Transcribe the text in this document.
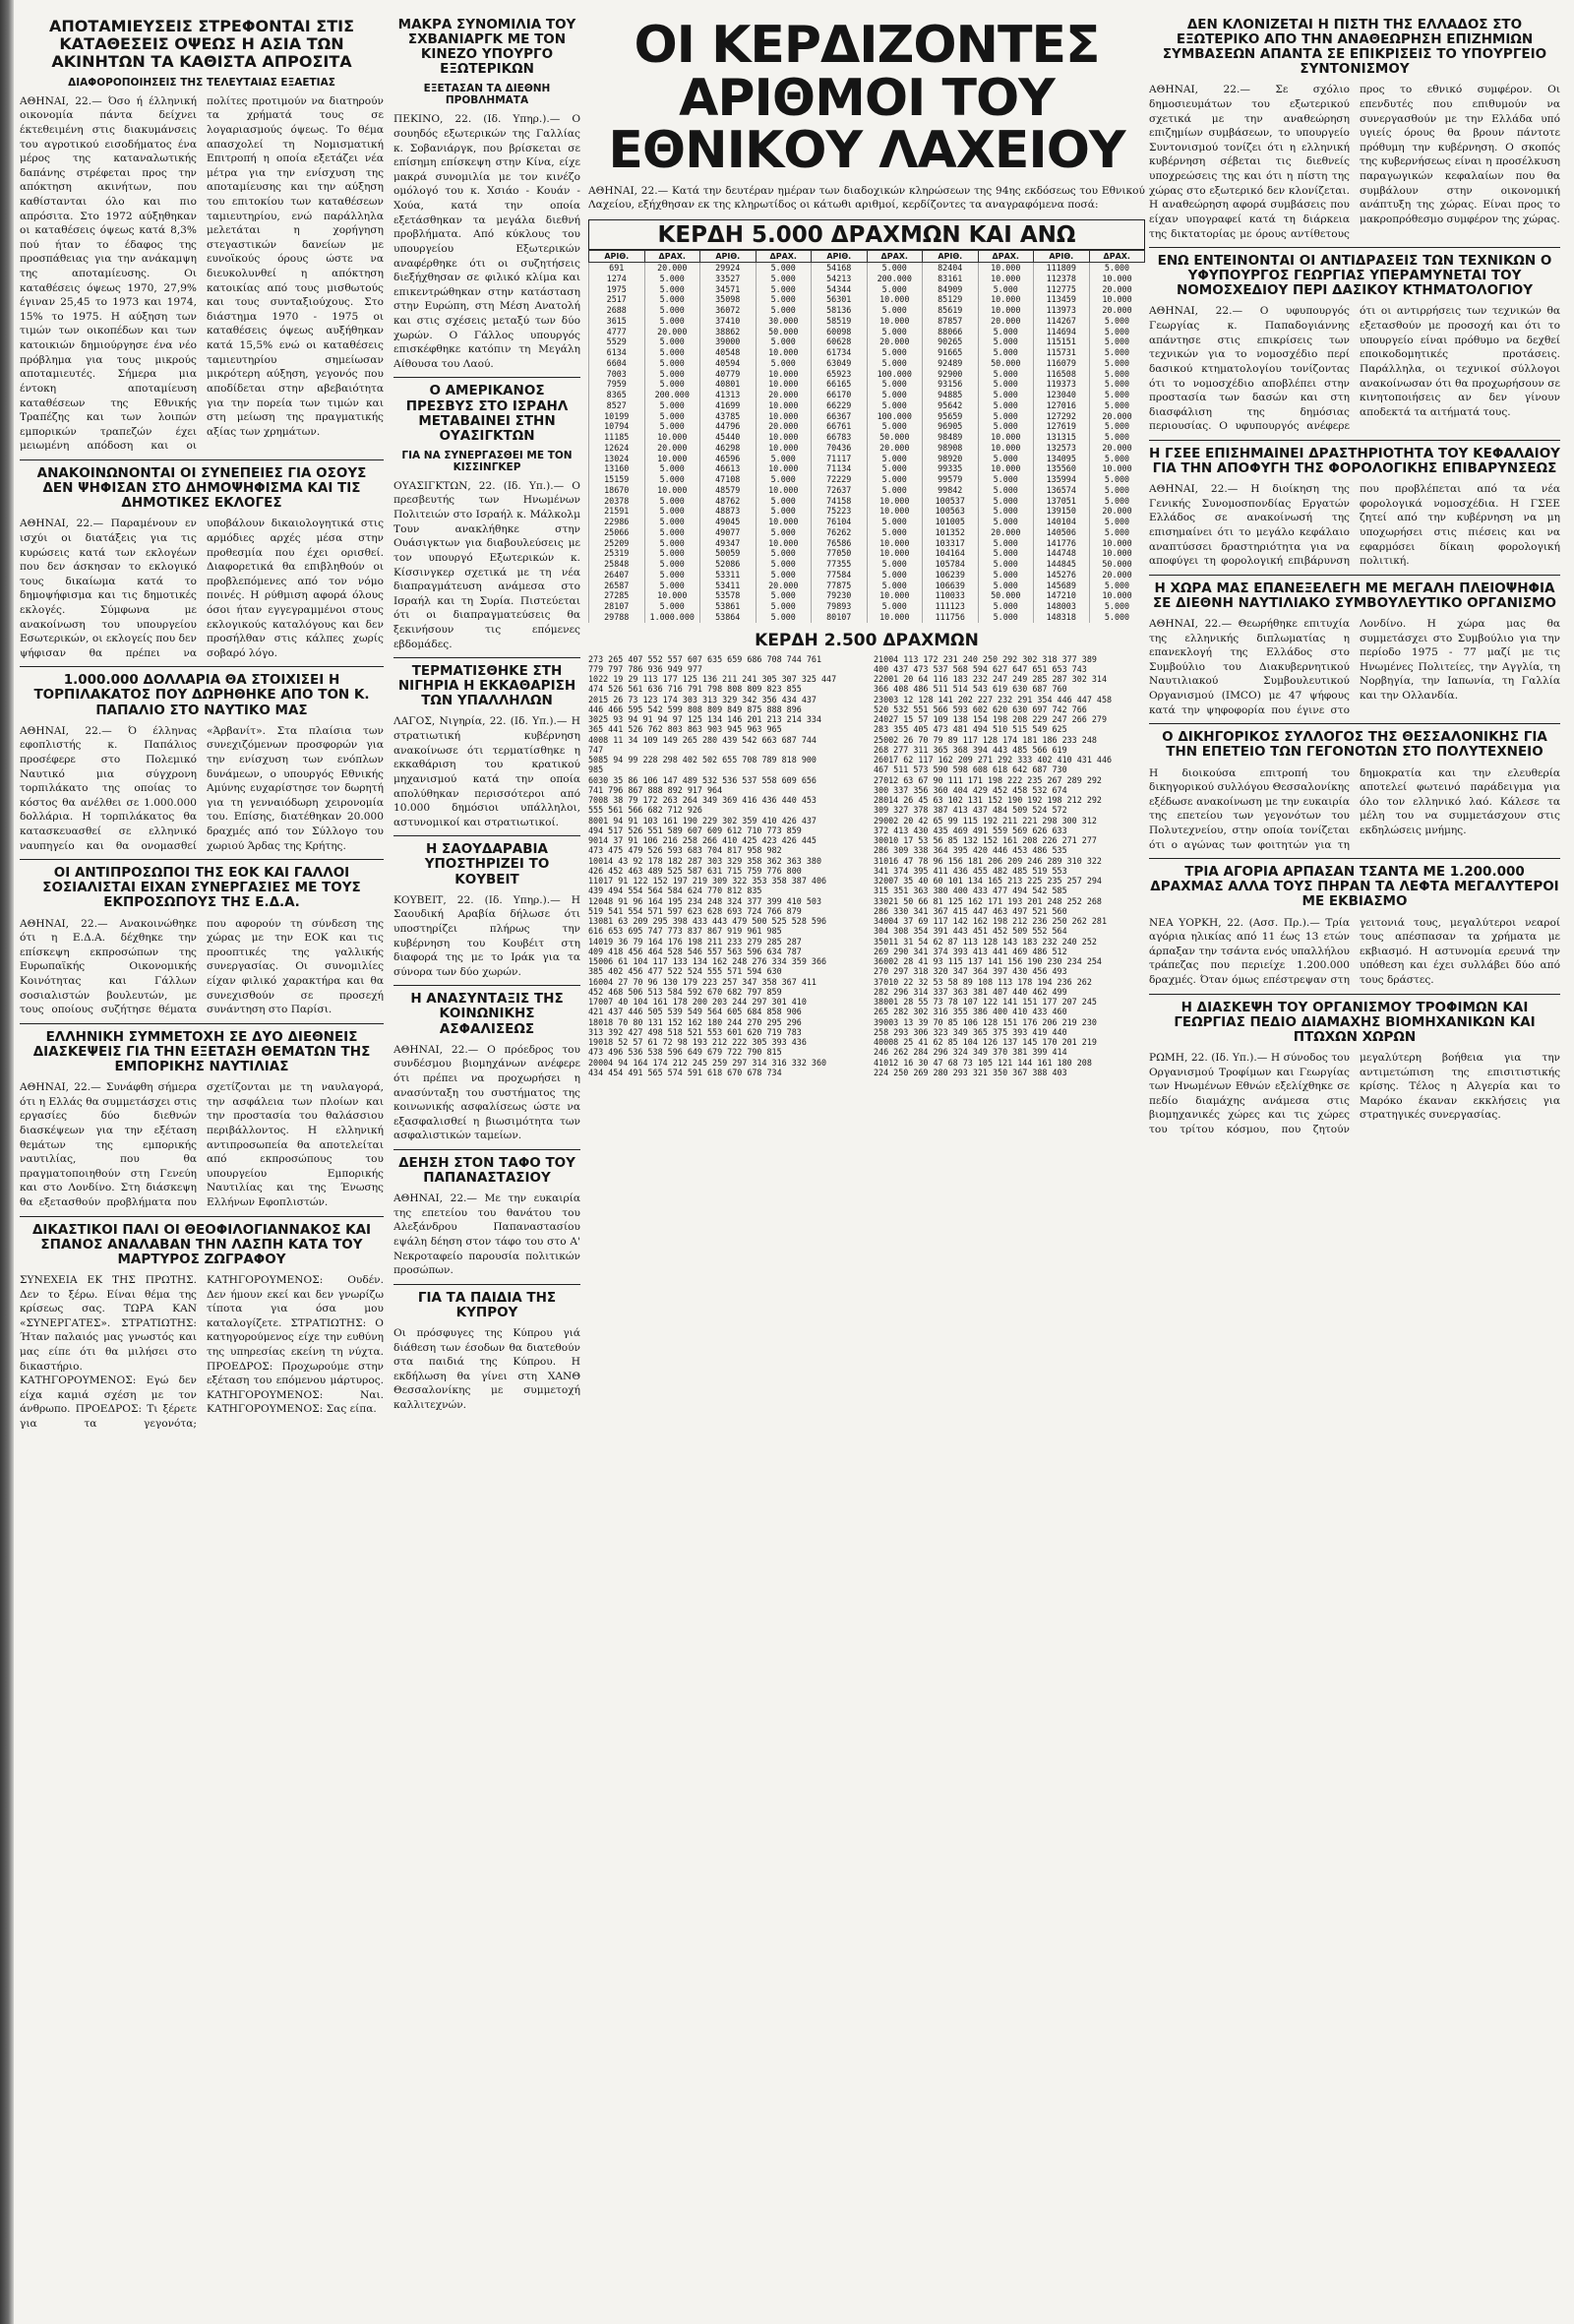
ΑΠΟΤΑΜΙΕΥΣΕΙΣ ΣΤΡΕΦΟΝΤΑΙ ΣΤΙΣ ΚΑΤΑΘΕΣΕΙΣ ΟΨΕΩΣ Η ΑΣΙΑ ΤΩΝ ΑΚΙΝΗΤΩΝ ΤΑ ΚΑΘΙΣΤΑ ΑΠΡΟΣΙΤΑ
ΔΙΑΦΟΡΟΠΟΙΗΣΕΙΣ ΤΗΣ ΤΕΛΕΥΤΑΙΑΣ ΕΞΑΕΤΙΑΣ
ΑΘΗΝΑΙ, 22.— Όσο ή έλληνική οικονομία πάντα δείχνει έκτεθειμένη στις διακυμάνσεις του αγροτικού εισοδήματος ένα μέρος της καταναλωτικής δαπάνης στρέφεται προς την απόκτηση ακινήτων, που καθίστανται όλο και πιο απρόσιτα. Στο 1972 αύξηθηκαν οι καταθέσεις όψεως κατά 8,3% πού ήταν το έδαφος της προσπάθειας για την ανάκαμψη της αποταμίευσης. Οι καταθέσεις όψεως 1970, 27,9% έγιναν 25,45 το 1973 και 1974, 15% το 1975. Η αύξηση των τιμών των οικοπέδων και των κατοικιών δημιούργησε ένα νέο πρόβλημα για τους μικρούς αποταμιευτές. Σήμερα μια έντοκη αποταμίευση καταθέσεων της Εθνικής Τραπέζης και των λοιπών εμπορικών τραπεζών έχει μειωμένη απόδοση και οι πολίτες προτιμούν να διατηρούν τα χρήματά τους σε λογαριασμούς όψεως. Το θέμα απασχολεί τη Νομισματική Επιτροπή η οποία εξετάζει νέα μέτρα για την ενίσχυση της αποταμίευσης και την αύξηση του επιτοκίου των καταθέσεων ταμιευτηρίου, ενώ παράλληλα μελετάται η χορήγηση στεγαστικών δανείων με ευνοϊκούς όρους ώστε να διευκολυνθεί η απόκτηση κατοικίας από τους μισθωτούς και τους συνταξιούχους. Στο διάστημα 1970 - 1975 οι καταθέσεις όψεως αυξήθηκαν κατά 15,5% ενώ οι καταθέσεις ταμιευτηρίου σημείωσαν μικρότερη αύξηση, γεγονός που αποδίδεται στην αβεβαιότητα για την πορεία των τιμών και στη μείωση της πραγματικής αξίας των χρημάτων.
ΑΝΑΚΟΙΝΩΝΟΝΤΑΙ ΟΙ ΣΥΝΕΠΕΙΕΣ ΓΙΑ ΟΣΟΥΣ ΔΕΝ ΨΗΦΙΣΑΝ ΣΤΟ ΔΗΜΟΨΗΦΙΣΜΑ ΚΑΙ ΤΙΣ ΔΗΜΟΤΙΚΕΣ ΕΚΛΟΓΕΣ
ΑΘΗΝΑΙ, 22.— Παραμένουν εν ισχύι οι διατάξεις για τις κυρώσεις κατά των εκλογέων που δεν άσκησαν το εκλογικό τους δικαίωμα κατά το δημοψήφισμα και τις δημοτικές εκλογές. Σύμφωνα με ανακοίνωση του υπουργείου Εσωτερικών, οι εκλογείς που δεν ψήφισαν θα πρέπει να υποβάλουν δικαιολογητικά στις αρμόδιες αρχές μέσα στην προθεσμία που έχει ορισθεί. Διαφορετικά θα επιβληθούν οι προβλεπόμενες από τον νόμο ποινές. Η ρύθμιση αφορά όλους όσοι ήταν εγγεγραμμένοι στους εκλογικούς καταλόγους και δεν προσήλθαν στις κάλπες χωρίς σοβαρό λόγο.
1.000.000 ΔΟΛΛΑΡΙΑ ΘΑ ΣΤΟΙΧΙΣΕΙ Η ΤΟΡΠΙΛΑΚΑΤΟΣ ΠΟΥ ΔΩΡΗΘΗΚΕ ΑΠΟ ΤΟΝ Κ. ΠΑΠΑΛΙΟ ΣΤΟ ΝΑΥΤΙΚΟ ΜΑΣ
ΑΘΗΝΑΙ, 22.— Ό έλληνας εφοπλιστής κ. Παπάλιος προσέφερε στο Πολεμικό Ναυτικό μια σύγχρονη τορπιλάκατο της οποίας το κόστος θα ανέλθει σε 1.000.000 δολλάρια. Η τορπιλάκατος θα κατασκευασθεί σε ελληνικό ναυπηγείο και θα ονομασθεί «Άρβανίτ». Στα πλαίσια των συνεχιζόμενων προσφορών για την ενίσχυση των ενόπλων δυνάμεων, ο υπουργός Εθνικής Αμύνης ευχαρίστησε τον δωρητή για τη γενναιόδωρη χειρονομία του. Επίσης, διατέθηκαν 20.000 δραχμές από τον Σύλλογο του χωριού Άρδας της Κρήτης.
ΟΙ ΑΝΤΙΠΡΟΣΩΠΟΙ ΤΗΣ ΕΟΚ ΚΑΙ ΓΑΛΛΟΙ ΣΟΣΙΑΛΙΣΤΑΙ ΕΙΧΑΝ ΣΥΝΕΡΓΑΣΙΕΣ ΜΕ ΤΟΥΣ ΕΚΠΡΟΣΩΠΟΥΣ ΤΗΣ Ε.Δ.Α.
ΑΘΗΝΑΙ, 22.— Ανακοινώθηκε ότι η Ε.Δ.Α. δέχθηκε την επίσκεψη εκπροσώπων της Ευρωπαϊκής Οικονομικής Κοινότητας και Γάλλων σοσιαλιστών βουλευτών, με τους οποίους συζήτησε θέματα που αφορούν τη σύνδεση της χώρας με την ΕΟΚ και τις προοπτικές της γαλλικής συνεργασίας. Οι συνομιλίες είχαν φιλικό χαρακτήρα και θα συνεχισθούν σε προσεχή συνάντηση στο Παρίσι.
ΕΛΛΗΝΙΚΗ ΣΥΜΜΕΤΟΧΗ ΣΕ ΔΥΟ ΔΙΕΘΝΕΙΣ ΔΙΑΣΚΕΨΕΙΣ ΓΙΑ ΤΗΝ ΕΞΕΤΑΣΗ ΘΕΜΑΤΩΝ ΤΗΣ ΕΜΠΟΡΙΚΗΣ ΝΑΥΤΙΛΙΑΣ
ΑΘΗΝΑΙ, 22.— Συνάφθη σήμερα ότι η Ελλάς θα συμμετάσχει στις εργασίες δύο διεθνών διασκέψεων για την εξέταση θεμάτων της εμπορικής ναυτιλίας, που θα πραγματοποιηθούν στη Γενεύη και στο Λονδίνο. Στη διάσκεψη θα εξετασθούν προβλήματα που σχετίζονται με τη ναυλαγορά, την ασφάλεια των πλοίων και την προστασία του θαλάσσιου περιβάλλοντος. Η ελληνική αντιπροσωπεία θα αποτελείται από εκπροσώπους του υπουργείου Εμπορικής Ναυτιλίας και της Ένωσης Ελλήνων Εφοπλιστών.
ΔΙΚΑΣΤΙΚΟΙ ΠΑΛΙ ΟΙ ΘΕΟΦΙΛΟΓΙΑΝΝΑΚΟΣ ΚΑΙ ΣΠΑΝΟΣ ΑΝΑΛΑΒΑΝ ΤΗΝ ΛΑΣΠΗ ΚΑΤΑ ΤΟΥ ΜΑΡΤΥΡΟΣ ΖΩΓΡΑΦΟΥ
ΣΥΝΕΧΕΙΑ ΕΚ ΤΗΣ ΠΡΩΤΗΣ. Δεν το ξέρω. Είναι θέμα της κρίσεως σας. ΤΩΡΑ ΚΑΝ «ΣΥΝΕΡΓΑΤΕΣ». ΣΤΡΑΤΙΩΤΗΣ: Ήταν παλαιός μας γνωστός και μας είπε ότι θα μιλήσει στο δικαστήριο. ΚΑΤΗΓΟΡΟΥΜΕΝΟΣ: Εγώ δεν είχα καμιά σχέση με τον άνθρωπο. ΠΡΟΕΔΡΟΣ: Τι ξέρετε για τα γεγονότα; ΚΑΤΗΓΟΡΟΥΜΕΝΟΣ: Ουδέν. Δεν ήμουν εκεί και δεν γνωρίζω τίποτα για όσα μου καταλογίζετε. ΣΤΡΑΤΙΩΤΗΣ: Ο κατηγορούμενος είχε την ευθύνη της υπηρεσίας εκείνη τη νύχτα. ΠΡΟΕΔΡΟΣ: Προχωρούμε στην εξέταση του επόμενου μάρτυρος. ΚΑΤΗΓΟΡΟΥΜΕΝΟΣ: Ναι. ΚΑΤΗΓΟΡΟΥΜΕΝΟΣ: Σας είπα.
ΜΑΚΡΑ ΣΥΝΟΜΙΛΙΑ ΤΟΥ ΣΧΒΑΝΙΑΡΓΚ ΜΕ ΤΟΝ ΚΙΝΕΖΟ ΥΠΟΥΡΓΟ ΕΞΩΤΕΡΙΚΩΝ
ΕΞΕΤΑΣΑΝ ΤΑ ΔΙΕΘΝΗ ΠΡΟΒΛΗΜΑΤΑ
ΠΕΚΙΝΟ, 22. (Ιδ. Υπηρ.).— Ο σουηδός εξωτερικών της Γαλλίας κ. Σοβανιάργκ, που βρίσκεται σε επίσημη επίσκεψη στην Κίνα, είχε μακρά συνομιλία με τον κινέζο ομόλογό του κ. Χσιάο - Κουάν - Χούα, κατά την οποία εξετάσθηκαν τα μεγάλα διεθνή προβλήματα. Από κύκλους του υπουργείου Εξωτερικών αναφέρθηκε ότι οι συζητήσεις διεξήχθησαν σε φιλικό κλίμα και επικεντρώθηκαν στην κατάσταση στην Ευρώπη, στη Μέση Ανατολή και στις σχέσεις μεταξύ των δύο χωρών. Ο Γάλλος υπουργός επισκέφθηκε κατόπιν τη Μεγάλη Αίθουσα του Λαού.
Ο ΑΜΕΡΙΚΑΝΟΣ ΠΡΕΣΒΥΣ ΣΤΟ ΙΣΡΑΗΛ ΜΕΤΑΒΑΙΝΕΙ ΣΤΗΝ ΟΥΑΣΙΓΚΤΩΝ
ΓΙΑ ΝΑ ΣΥΝΕΡΓΑΣΘΕΙ ΜΕ ΤΟΝ ΚΙΣΣΙΝΓΚΕΡ
ΟΥΑΣΙΓΚΤΩΝ, 22. (Ιδ. Υπ.).— Ο πρεσβευτής των Ηνωμένων Πολιτειών στο Ισραήλ κ. Μάλκολμ Τουν ανακλήθηκε στην Ουάσιγκτων για διαβουλεύσεις με τον υπουργό Εξωτερικών κ. Κίσσινγκερ σχετικά με τη νέα διαπραγμάτευση ανάμεσα στο Ισραήλ και τη Συρία. Πιστεύεται ότι οι διαπραγματεύσεις θα ξεκινήσουν τις επόμενες εβδομάδες.
ΤΕΡΜΑΤΙΣΘΗΚΕ ΣΤΗ ΝΙΓΗΡΙΑ Η ΕΚΚΑΘΑΡΙΣΗ ΤΩΝ ΥΠΑΛΛΗΛΩΝ
ΛΑΓΟΣ, Νιγηρία, 22. (Ιδ. Υπ.).— Η στρατιωτική κυβέρνηση ανακοίνωσε ότι τερματίσθηκε η εκκαθάριση του κρατικού μηχανισμού κατά την οποία απολύθηκαν περισσότεροι από 10.000 δημόσιοι υπάλληλοι, αστυνομικοί και στρατιωτικοί.
Η ΣΑΟΥΔΑΡΑΒΙΑ ΥΠΟΣΤΗΡΙΖΕΙ ΤΟ ΚΟΥΒΕΙΤ
ΚΟΥΒΕΙΤ, 22. (Ιδ. Υπηρ.).— Η Σαουδική Αραβία δήλωσε ότι υποστηρίζει πλήρως την κυβέρνηση του Κουβέιτ στη διαφορά της με το Ιράκ για τα σύνορα των δύο χωρών.
Η ΑΝΑΣΥΝΤΑΞΙΣ ΤΗΣ ΚΟΙΝΩΝΙΚΗΣ ΑΣΦΑΛΙΣΕΩΣ
ΑΘΗΝΑΙ, 22.— Ο πρόεδρος του συνδέσμου βιομηχάνων ανέφερε ότι πρέπει να προχωρήσει η ανασύνταξη του συστήματος της κοινωνικής ασφαλίσεως ώστε να εξασφαλισθεί η βιωσιμότητα των ασφαλιστικών ταμείων.
ΔΕΗΣΗ ΣΤΟΝ ΤΑΦΟ ΤΟΥ ΠΑΠΑΝΑΣΤΑΣΙΟΥ
ΑΘΗΝΑΙ, 22.— Με την ευκαιρία της επετείου του θανάτου του Αλεξάνδρου Παπαναστασίου εψάλη δέηση στον τάφο του στο Α' Νεκροταφείο παρουσία πολιτικών προσώπων.
ΓΙΑ ΤΑ ΠΑΙΔΙΑ ΤΗΣ ΚΥΠΡΟΥ
Οι πρόσφυγες της Κύπρου γιά διάθεση των έσοδων θα διατεθούν στα παιδιά της Κύπρου. Η εκδήλωση θα γίνει στη ΧΑΝΘ Θεσσαλονίκης με συμμετοχή καλλιτεχνών.
ΟΙ ΚΕΡΔΙΖΟΝΤΕΣ ΑΡΙΘΜΟΙ ΤΟΥ ΕΘΝΙΚΟΥ ΛΑΧΕΙΟΥ
ΑΘΗΝΑΙ, 22.— Κατά την δευτέραν ημέραν των διαδοχικών κληρώσεων της 94ης εκδόσεως του Εθνικού Λαχείου, εξήχθησαν εκ της κληρωτίδος οι κάτωθι αριθμοί, κερδίζοντες τα αναγραφόμενα ποσά:
ΚΕΡΔΗ 5.000 ΔΡΑΧΜΩΝ ΚΑΙ ΑΝΩ
ΑΡΙΘ.	ΔΡΑΧ.	ΑΡΙΘ.	ΔΡΑΧ.	ΑΡΙΘ.	ΔΡΑΧ.	ΑΡΙΘ.	ΔΡΑΧ.	ΑΡΙΘ.	ΔΡΑΧ.
691	20.000	29924	5.000	54168	5.000	82404	10.000	111809	5.000
1274	5.000	33527	5.000	54213	200.000	83161	10.000	112378	10.000
1975	5.000	34571	5.000	54344	5.000	84909	5.000	112775	20.000
2517	5.000	35098	5.000	56301	10.000	85129	10.000	113459	10.000
2688	5.000	36072	5.000	58136	5.000	85619	10.000	113973	20.000
3615	5.000	37410	30.000	58519	10.000	87857	20.000	114267	5.000
4777	20.000	38862	50.000	60098	5.000	88066	5.000	114694	5.000
5529	5.000	39000	5.000	60628	20.000	90265	5.000	115151	5.000
6134	5.000	40548	10.000	61734	5.000	91665	5.000	115731	5.000
6604	5.000	40594	5.000	63049	5.000	92489	50.000	116079	5.000
7003	5.000	40779	10.000	65923	100.000	92900	5.000	116508	5.000
7959	5.000	40801	10.000	66165	5.000	93156	5.000	119373	5.000
8365	200.000	41313	20.000	66170	5.000	94885	5.000	123040	5.000
8527	5.000	41699	10.000	66229	5.000	95642	5.000	127016	5.000
10199	5.000	43785	10.000	66367	100.000	95659	5.000	127292	20.000
10794	5.000	44796	20.000	66761	5.000	96905	5.000	127619	5.000
11185	10.000	45440	10.000	66783	50.000	98489	10.000	131315	5.000
12624	20.000	46298	10.000	70436	20.000	98908	10.000	132573	20.000
13024	10.000	46596	5.000	71117	5.000	98920	5.000	134095	5.000
13160	5.000	46613	10.000	71134	5.000	99335	10.000	135560	10.000
15159	5.000	47108	5.000	72229	5.000	99579	5.000	135994	5.000
18670	10.000	48579	10.000	72637	5.000	99842	5.000	136574	5.000
20378	5.000	48762	5.000	74158	10.000	100537	5.000	137051	5.000
21591	5.000	48873	5.000	75223	10.000	100563	5.000	139150	20.000
22986	5.000	49045	10.000	76104	5.000	101005	5.000	140104	5.000
25066	5.000	49077	5.000	76262	5.000	101352	20.000	140506	5.000
25209	5.000	49347	10.000	76586	10.000	103317	5.000	141776	10.000
25319	5.000	50059	5.000	77050	10.000	104164	5.000	144748	10.000
25848	5.000	52086	5.000	77355	5.000	105784	5.000	144845	50.000
26407	5.000	53311	5.000	77584	5.000	106239	5.000	145276	20.000
26587	5.000	53411	20.000	77875	5.000	106639	5.000	145689	5.000
27285	10.000	53578	5.000	79230	10.000	110033	50.000	147210	10.000
28107	5.000	53861	5.000	79893	5.000	111123	5.000	148003	5.000
29788	1.000.000	53864	5.000	80107	10.000	111756	5.000	148318	5.000
ΚΕΡΔΗ 2.500 ΔΡΑΧΜΩΝ
273 265 407 552 557 607 635 659 686 708 744 761
779 797 786 936 949 977
1022 19 29 113 177 125 136 211 241 305 307 325 447
474 526 561 636 716 791 798 808 809 823 855
2015 26 73 123 174 303 313 329 342 356 434 437
446 466 595 542 599 808 809 849 875 888 896
3025 93 94 91 94 97 125 134 146 201 213 214 334
365 441 526 762 803 863 903 945 963 965
4008 11 34 109 149 265 280 439 542 663 687 744
747
5085 94 99 228 298 402 502 655 708 789 818 900
985
6030 35 86 106 147 489 532 536 537 558 609 656
741 796 867 888 892 917 964
7008 38 79 172 263 264 349 369 416 436 440 453
555 561 566 682 712 926
8001 94 91 103 161 190 229 302 359 410 426 437
494 517 526 551 589 607 609 612 710 773 859
9014 37 91 106 216 258 266 410 425 423 426 445
473 475 479 526 593 683 704 817 958 982
10014 43 92 178 182 287 303 329 358 362 363 380
426 452 463 489 525 587 631 715 759 776 800
11017 91 122 152 197 219 309 322 353 358 387 406
439 494 554 564 584 624 770 812 835
12048 91 96 164 195 234 248 324 377 399 410 503
519 541 554 571 597 623 628 693 724 766 879
13081 63 209 295 398 433 443 479 500 525 528 596
616 653 695 747 773 837 867 919 961 985
14019 36 79 164 176 198 211 233 279 285 287
409 418 456 464 528 546 557 563 596 634 787
15006 61 104 117 133 134 162 248 276 334 359 366
385 402 456 477 522 524 555 571 594 630
16004 27 70 96 130 179 223 257 347 358 367 411
452 468 506 513 584 592 670 682 797 859
17007 40 104 161 178 200 203 244 297 301 410
421 437 446 505 539 549 564 605 684 858 906
18018 70 80 131 152 162 180 244 270 295 296
313 392 427 498 518 521 553 601 620 719 783
19018 52 57 61 72 98 193 212 222 305 393 436
473 496 536 538 596 649 679 722 790 815
20004 94 164 174 212 245 259 297 314 316 332 360
434 454 491 565 574 591 618 670 678 734
21004 113 172 231 240 250 292 302 318 377 389
400 437 473 537 568 594 627 647 651 653 743
22001 20 64 116 183 232 247 249 285 287 302 314
366 408 486 511 514 543 619 630 687 760
23003 12 128 141 202 227 232 291 354 446 447 458
520 532 551 566 593 602 620 630 697 742 766
24027 15 57 109 138 154 198 208 229 247 266 279
283 355 405 473 481 494 510 515 549 625
25002 26 70 79 89 117 128 174 181 186 233 248
268 277 311 365 368 394 443 485 566 619
26017 62 117 162 209 271 292 333 402 410 431 446
467 511 573 590 598 608 618 642 687 730
27012 63 67 90 111 171 198 222 235 267 289 292
300 337 356 360 404 429 452 458 532 674
28014 26 45 63 102 131 152 190 192 198 212 292
309 327 378 387 413 437 484 509 524 572
29002 20 42 65 99 115 192 211 221 298 300 312
372 413 430 435 469 491 559 569 626 633
30010 17 53 56 85 132 152 161 208 226 271 277
286 309 338 364 395 420 446 453 486 535
31016 47 78 96 156 181 206 209 246 289 310 322
341 374 395 411 436 455 482 485 519 553
32007 35 40 60 101 134 165 213 225 235 257 294
315 351 363 380 400 433 477 494 542 585
33021 50 66 81 125 162 171 193 201 248 252 268
286 330 341 367 415 447 463 497 521 560
34004 37 69 117 142 162 198 212 236 250 262 281
304 308 354 391 443 451 452 509 552 564
35011 31 54 62 87 113 128 143 183 232 240 252
269 290 341 374 393 413 441 469 486 512
36002 28 41 93 115 137 141 156 190 230 234 254
270 297 318 320 347 364 397 430 456 493
37010 22 32 53 58 89 108 113 178 194 236 262
282 296 314 337 363 381 407 440 462 499
38001 28 55 73 78 107 122 141 151 177 207 245
265 282 302 316 355 386 400 410 433 460
39003 13 39 70 85 106 128 151 176 206 219 230
258 293 306 323 349 365 375 393 419 440
40008 25 41 62 85 104 126 137 145 170 201 219
246 262 284 296 324 349 370 381 399 414
41012 16 30 47 68 73 105 121 144 161 180 208
224 250 269 280 293 321 350 367 388 403
ΔΕΝ ΚΛΟΝΙΖΕΤΑΙ Η ΠΙΣΤΗ ΤΗΣ ΕΛΛΑΔΟΣ ΣΤΟ ΕΞΩΤΕΡΙΚΟ ΑΠΟ ΤΗΝ ΑΝΑΘΕΩΡΗΣΗ ΕΠΙΖΗΜΙΩΝ ΣΥΜΒΑΣΕΩΝ ΑΠΑΝΤΑ ΣΕ ΕΠΙΚΡΙΣΕΙΣ ΤΟ ΥΠΟΥΡΓΕΙΟ ΣΥΝΤΟΝΙΣΜΟΥ
ΑΘΗΝΑΙ, 22.— Σε σχόλιο δημοσιευμάτων του εξωτερικού σχετικά με την αναθεώρηση επιζημίων συμβάσεων, το υπουργείο Συντονισμού τονίζει ότι η ελληνική κυβέρνηση σέβεται τις διεθνείς υποχρεώσεις της και ότι η πίστη της χώρας στο εξωτερικό δεν κλονίζεται. Η αναθεώρηση αφορά συμβάσεις που είχαν υπογραφεί κατά τη διάρκεια της δικτατορίας με όρους αντίθετους προς το εθνικό συμφέρον. Οι επενδυτές που επιθυμούν να συνεργασθούν με την Ελλάδα υπό υγιείς όρους θα βρουν πάντοτε πρόθυμη την κυβέρνηση. Ο σκοπός της κυβερνήσεως είναι η προσέλκυση παραγωγικών κεφαλαίων που θα συμβάλουν στην οικονομική ανάπτυξη της χώρας. Είναι προς το μακροπρόθεσμο συμφέρον της χώρας.
ΕΝΩ ΕΝΤΕΙΝΟΝΤΑΙ ΟΙ ΑΝΤΙΔΡΑΣΕΙΣ ΤΩΝ ΤΕΧΝΙΚΩΝ Ο ΥΦΥΠΟΥΡΓΟΣ ΓΕΩΡΓΙΑΣ ΥΠΕΡΑΜΥΝΕΤΑΙ ΤΟΥ ΝΟΜΟΣΧΕΔΙΟΥ ΠΕΡΙ ΔΑΣΙΚΟΥ ΚΤΗΜΑΤΟΛΟΓΙΟΥ
ΑΘΗΝΑΙ, 22.— Ο υφυπουργός Γεωργίας κ. Παπαδογιάννης απάντησε στις επικρίσεις των τεχνικών για το νομοσχέδιο περί δασικού κτηματολογίου τονίζοντας ότι το νομοσχέδιο αποβλέπει στην προστασία των δασών και στη διασφάλιση της δημόσιας περιουσίας. Ο υφυπουργός ανέφερε ότι οι αντιρρήσεις των τεχνικών θα εξετασθούν με προσοχή και ότι το υπουργείο είναι πρόθυμο να δεχθεί εποικοδομητικές προτάσεις. Παράλληλα, οι τεχνικοί σύλλογοι ανακοίνωσαν ότι θα προχωρήσουν σε κινητοποιήσεις αν δεν γίνουν αποδεκτά τα αιτήματά τους.
Η ΓΣΕΕ ΕΠΙΣΗΜΑΙΝΕΙ ΔΡΑΣΤΗΡΙΟΤΗΤΑ ΤΟΥ ΚΕΦΑΛΑΙΟΥ ΓΙΑ ΤΗΝ ΑΠΟΦΥΓΗ ΤΗΣ ΦΟΡΟΛΟΓΙΚΗΣ ΕΠΙΒΑΡΥΝΣΕΩΣ
ΑΘΗΝΑΙ, 22.— Η διοίκηση της Γενικής Συνομοσπονδίας Εργατών Ελλάδος σε ανακοίνωσή της επισημαίνει ότι το μεγάλο κεφάλαιο αναπτύσσει δραστηριότητα για να αποφύγει τη φορολογική επιβάρυνση που προβλέπεται από τα νέα φορολογικά νομοσχέδια. Η ΓΣΕΕ ζητεί από την κυβέρνηση να μη υποχωρήσει στις πιέσεις και να εφαρμόσει δίκαιη φορολογική πολιτική.
Η ΧΩΡΑ ΜΑΣ ΕΠΑΝΕΞΕΛΕΓΗ ΜΕ ΜΕΓΑΛΗ ΠΛΕΙΟΨΗΦΙΑ ΣΕ ΔΙΕΘΝΗ ΝΑΥΤΙΛΙΑΚΟ ΣΥΜΒΟΥΛΕΥΤΙΚΟ ΟΡΓΑΝΙΣΜΟ
ΑΘΗΝΑΙ, 22.— Θεωρήθηκε επιτυχία της ελληνικής διπλωματίας η επανεκλογή της Ελλάδος στο Συμβούλιο του Διακυβερνητικού Ναυτιλιακού Συμβουλευτικού Οργανισμού (IMCO) με 47 ψήφους κατά την ψηφοφορία που έγινε στο Λονδίνο. Η χώρα μας θα συμμετάσχει στο Συμβούλιο για την περίοδο 1975 - 77 μαζί με τις Ηνωμένες Πολιτείες, την Αγγλία, τη Νορβηγία, την Ιαπωνία, τη Γαλλία και την Ολλανδία.
Ο ΔΙΚΗΓΟΡΙΚΟΣ ΣΥΛΛΟΓΟΣ ΤΗΣ ΘΕΣΣΑΛΟΝΙΚΗΣ ΓΙΑ ΤΗΝ ΕΠΕΤΕΙΟ ΤΩΝ ΓΕΓΟΝΟΤΩΝ ΣΤΟ ΠΟΛΥΤΕΧΝΕΙΟ
Η διοικούσα επιτροπή του δικηγορικού συλλόγου Θεσσαλονίκης εξέδωσε ανακοίνωση με την ευκαιρία της επετείου των γεγονότων του Πολυτεχνείου, στην οποία τονίζεται ότι ο αγώνας των φοιτητών για τη δημοκρατία και την ελευθερία αποτελεί φωτεινό παράδειγμα για όλο τον ελληνικό λαό. Κάλεσε τα μέλη του να συμμετάσχουν στις εκδηλώσεις μνήμης.
ΤΡΙΑ ΑΓΟΡΙΑ ΑΡΠΑΣΑΝ ΤΣΑΝΤΑ ΜΕ 1.200.000 ΔΡΑΧΜΑΣ ΑΛΛΑ ΤΟΥΣ ΠΗΡΑΝ ΤΑ ΛΕΦΤΑ ΜΕΓΑΛΥΤΕΡΟΙ ΜΕ ΕΚΒΙΑΣΜΟ
ΝΕΑ ΥΟΡΚΗ, 22. (Ασσ. Πρ.).— Τρία αγόρια ηλικίας από 11 έως 13 ετών άρπαξαν την τσάντα ενός υπαλλήλου τράπεζας που περιείχε 1.200.000 δραχμές. Όταν όμως επέστρεψαν στη γειτονιά τους, μεγαλύτεροι νεαροί τους απέσπασαν τα χρήματα με εκβιασμό. Η αστυνομία ερευνά την υπόθεση και έχει συλλάβει δύο από τους δράστες.
Η ΔΙΑΣΚΕΨΗ ΤΟΥ ΟΡΓΑΝΙΣΜΟΥ ΤΡΟΦΙΜΩΝ ΚΑΙ ΓΕΩΡΓΙΑΣ ΠΕΔΙΟ ΔΙΑΜΑΧΗΣ ΒΙΟΜΗΧΑΝΙΚΩΝ ΚΑΙ ΠΤΩΧΩΝ ΧΩΡΩΝ
ΡΩΜΗ, 22. (Ιδ. Υπ.).— Η σύνοδος του Οργανισμού Τροφίμων και Γεωργίας των Ηνωμένων Εθνών εξελίχθηκε σε πεδίο διαμάχης ανάμεσα στις βιομηχανικές χώρες και τις χώρες του τρίτου κόσμου, που ζητούν μεγαλύτερη βοήθεια για την αντιμετώπιση της επισιτιστικής κρίσης. Τέλος η Αλγερία και το Μαρόκο έκαναν εκκλήσεις για στρατηγικές συνεργασίας.
